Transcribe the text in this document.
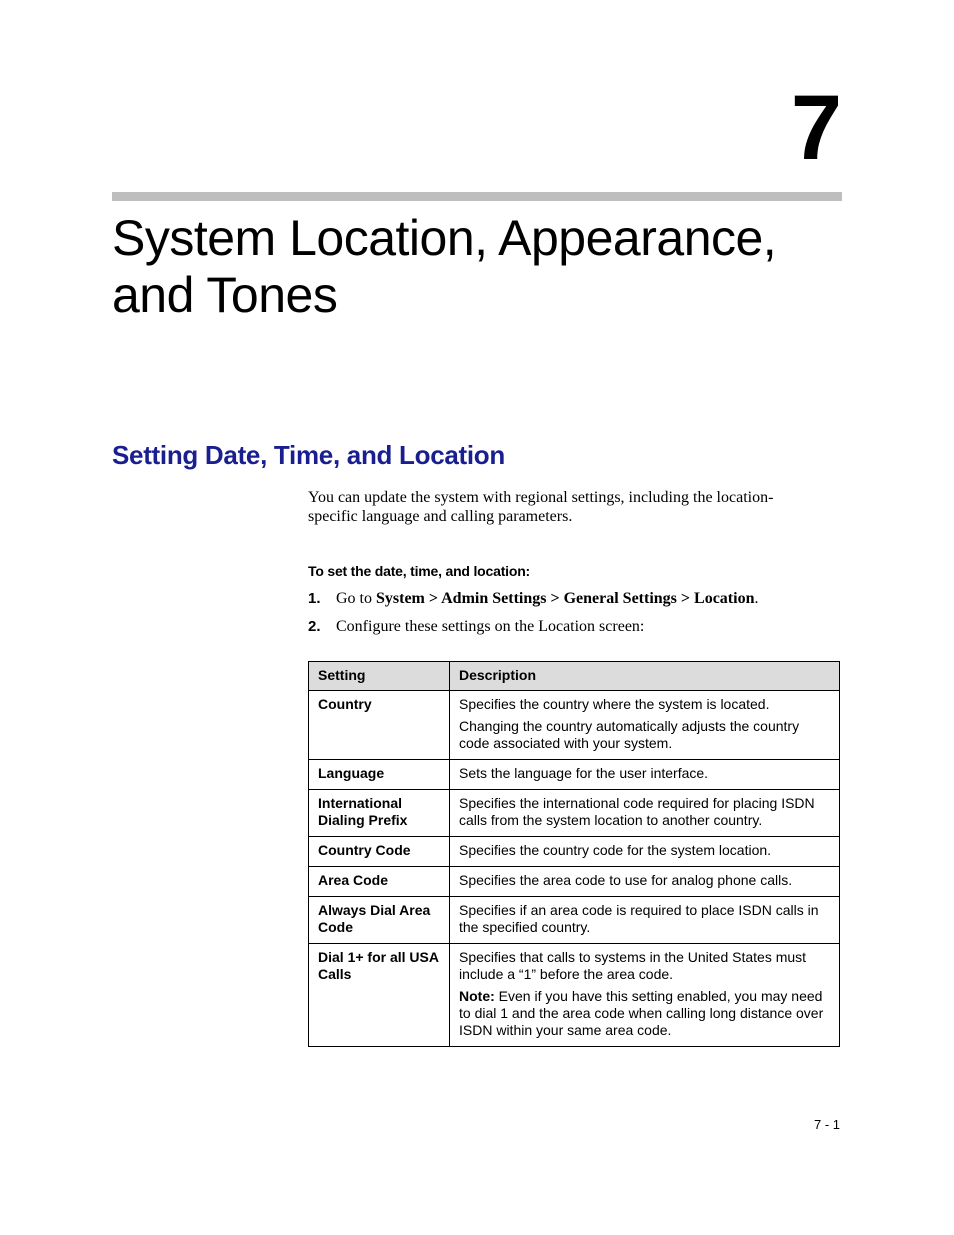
7
System Location, Appearance, and Tones
Setting Date, Time, and Location

You can update the system with regional settings, including the location-specific language and calling parameters.

To set the date, time, and location:
1. Go to System > Admin Settings > General Settings > Location.
2. Configure these settings on the Location screen:
Setting	Description
Country	Specifies the country where the system is located.

Changing the country automatically adjusts the country code associated with your system.

Language	Sets the language for the user interface.

International Dialing Prefix	Specifies the international code required for placing ISDN calls from the system location to another country.

Country Code	Specifies the country code for the system location.

Area Code	Specifies the area code to use for analog phone calls.

Always Dial Area Code	Specifies if an area code is required to place ISDN calls in the specified country.

Dial 1+ for all USA Calls	Specifies that calls to systems in the United States must include a “1” before the area code.

Note: Even if you have this setting enabled, you may need to dial 1 and the area code when calling long distance over ISDN within your same area code.

7 - 1
